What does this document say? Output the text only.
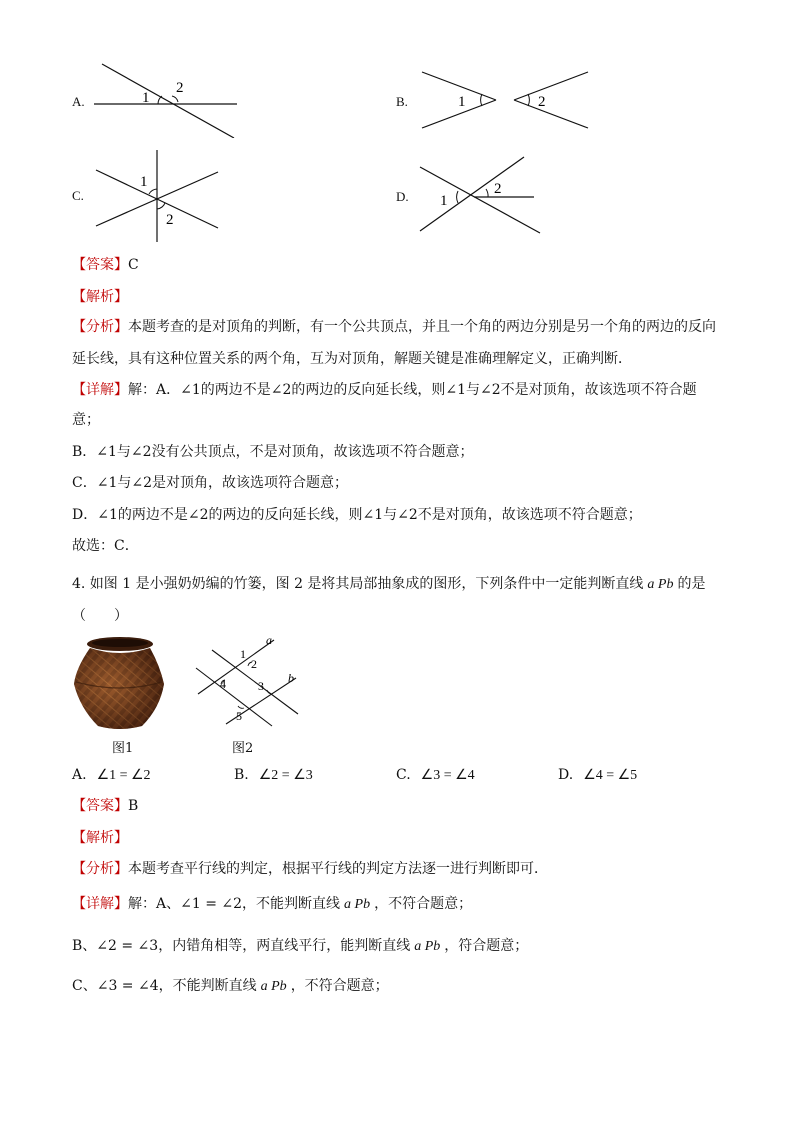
A.	1
2
B.	1	2
C.
1
2
D. 1
2
【答案】C
【解析】
【分析】本题考查的是对顶角的判断，有一个公共顶点，并且一个角的两边分别是另一个角的两边的反向
延长线，具有这种位置关系的两个角，互为对顶角，解题关键是准确理解定义，正确判断．
【详解】解：A．∠1的两边不是∠2的两边的反向延长线，则∠1与∠2不是对顶角，故该选项不符合题
意；
B．∠1与∠2没有公共顶点，不是对顶角，故该选项不符合题意；
C．∠1与∠2是对顶角，故该选项符合题意；
D．∠1的两边不是∠2的两边的反向延长线，则∠1与∠2不是对顶角，故该选项不符合题意；
故选：C．
4. 如图 1 是小强奶奶编的竹篓，图 2 是将其局部抽象成的图形，下列条件中一定能判断直线 a Pb 的是
（　　）
图1
a
b
1
2
3
4
5
图2
A. ∠1 = ∠2	B. ∠2 = ∠3	C. ∠3 = ∠4	D. ∠4 = ∠5
【答案】B
【解析】
【分析】本题考查平行线的判定，根据平行线的判定方法逐一进行判断即可．
【详解】解：A、∠1 = ∠2，不能判断直线 a Pb ，不符合题意；
B、∠2 = ∠3，内错角相等，两直线平行，能判断直线 a Pb ，符合题意；
C、∠3 = ∠4，不能判断直线 a Pb ，不符合题意；
